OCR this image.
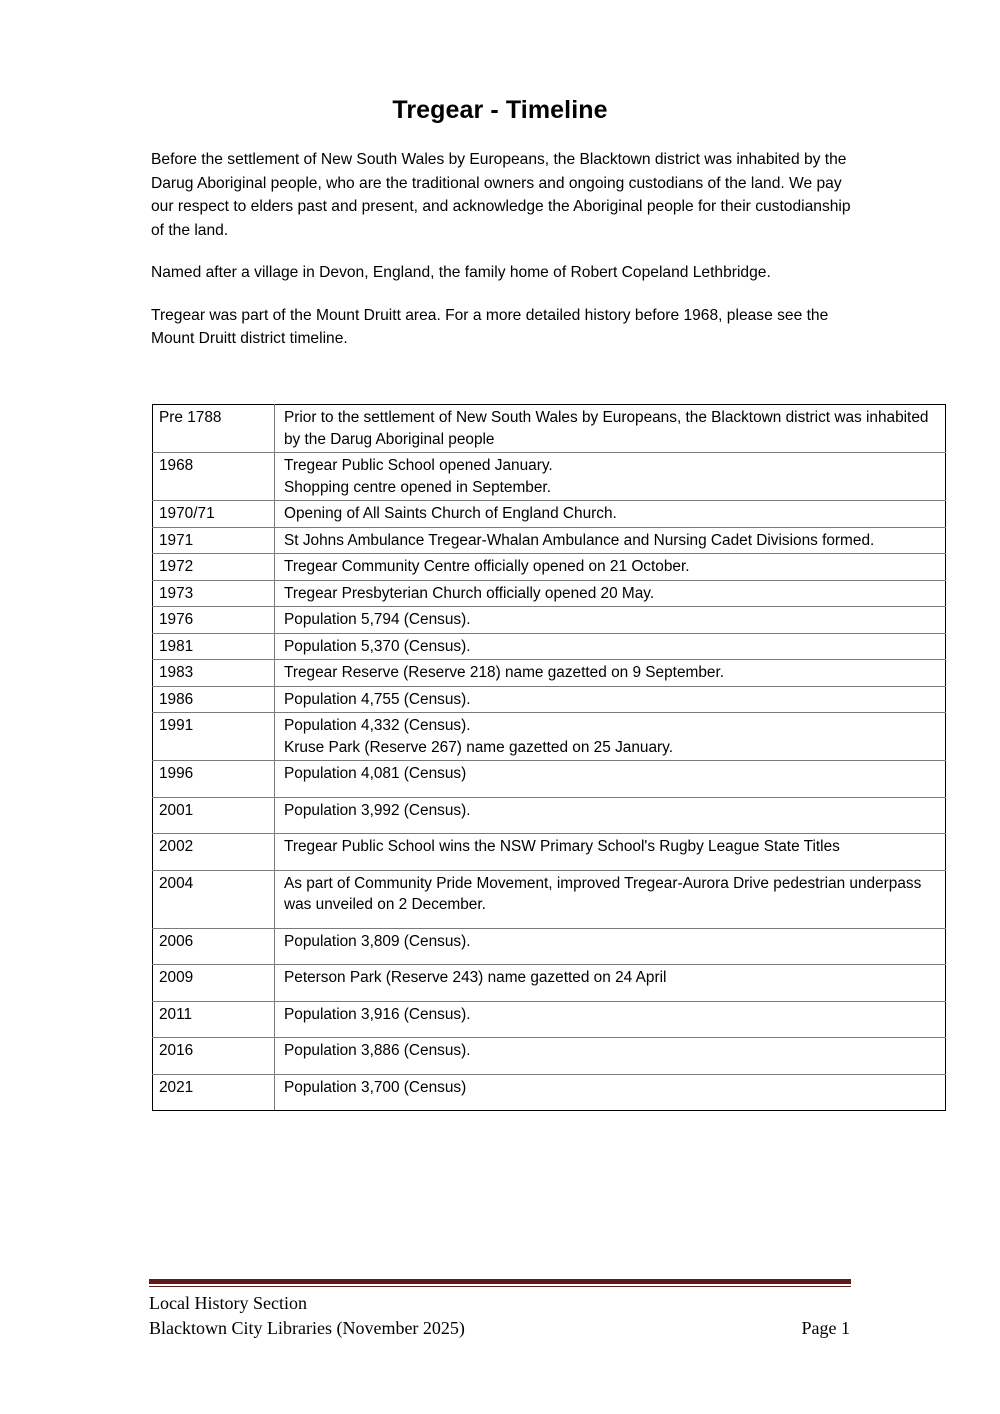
Tregear - Timeline

Before the settlement of New South Wales by Europeans, the Blacktown district was inhabited by the Darug Aboriginal people, who are the traditional owners and ongoing custodians of the land. We pay our respect to elders past and present, and acknowledge the Aboriginal people for their custodianship of the land.

Named after a village in Devon, England, the family home of Robert Copeland Lethbridge.

Tregear was part of the Mount Druitt area. For a more detailed history before 1968, please see the Mount Druitt district timeline.

Pre 1788	Prior to the settlement of New South Wales by Europeans, the Blacktown district was inhabited by the Darug Aboriginal people

1968	Tregear Public School opened January.
Shopping centre opened in September.

1970/71	Opening of All Saints Church of England Church.

1971	St Johns Ambulance Tregear-Whalan Ambulance and Nursing Cadet Divisions formed.

1972	Tregear Community Centre officially opened on 21 October.

1973	Tregear Presbyterian Church officially opened 20 May.

1976	Population 5,794 (Census).

1981	Population 5,370 (Census).

1983	Tregear Reserve (Reserve 218) name gazetted on 9 September.

1986	Population 4,755 (Census).

1991	Population 4,332 (Census).
Kruse Park (Reserve 267) name gazetted on 25 January.

1996	Population 4,081 (Census)

2001	Population 3,992 (Census).

2002	Tregear Public School wins the NSW Primary School's Rugby League State Titles

2004	As part of Community Pride Movement, improved Tregear-Aurora Drive pedestrian underpass was unveiled on 2 December.

2006	Population 3,809 (Census).

2009	Peterson Park (Reserve 243) name gazetted on 24 April

2011	Population 3,916 (Census).

2016	Population 3,886 (Census).

2021	Population 3,700 (Census)
Local History Section
Blacktown City Libraries (November 2025)	Page 1
